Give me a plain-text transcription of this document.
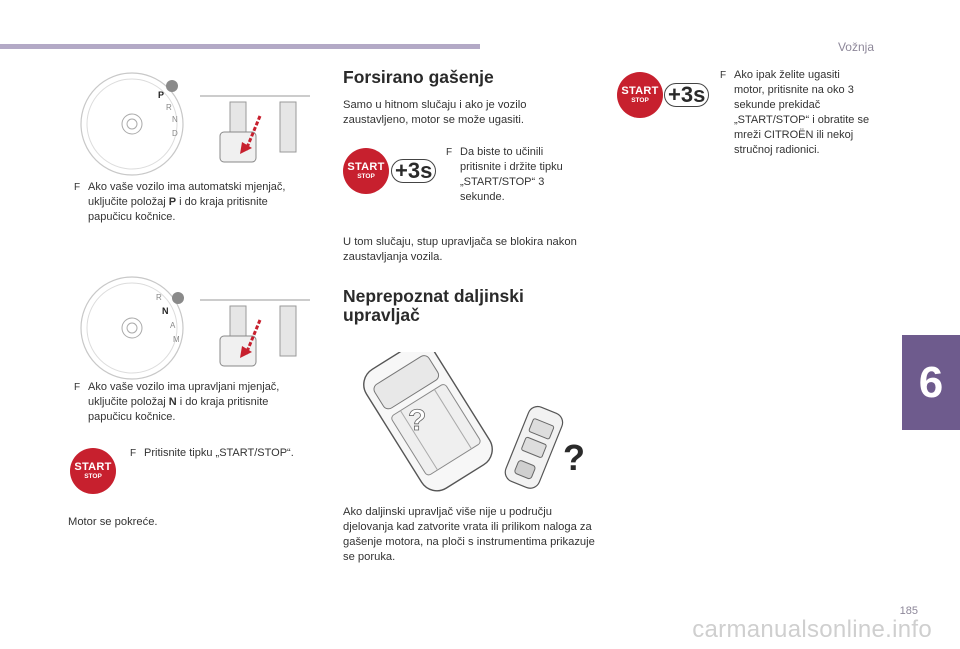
Vožnja
6
P
R
N
D
F Ako vaše vozilo ima automatski mjenjač, uključite položaj P i do kraja pritisnite papučicu kočnice.
R
N
A
M
F Ako vaše vozilo ima upravljani mjenjač, uključite položaj N i do kraja pritisnite papučicu kočnice.
START
STOP
F Pritisnite tipku „START/STOP“.
Motor se pokreće.
Forsirano gašenje
Samo u hitnom slučaju i ako je vozilo zaustavljeno, motor se može ugasiti.
START
STOP +3s
F Da biste to učinili pritisnite i držite tipku „START/STOP“ 3 sekunde.
U tom slučaju, stup upravljača se blokira nakon zaustavljanja vozila.
Neprepoznat daljinski upravljač
?
?
Ako daljinski upravljač više nije u području djelovanja kad zatvorite vrata ili prilikom naloga za gašenje motora, na ploči s instrumentima prikazuje se poruka.
START
STOP +3s
F Ako ipak želite ugasiti motor, pritisnite na oko 3 sekunde prekidač „START/STOP“ i obratite se mreži CITROËN ili nekoj stručnoj radionici.
185
carmanualsonline.info
